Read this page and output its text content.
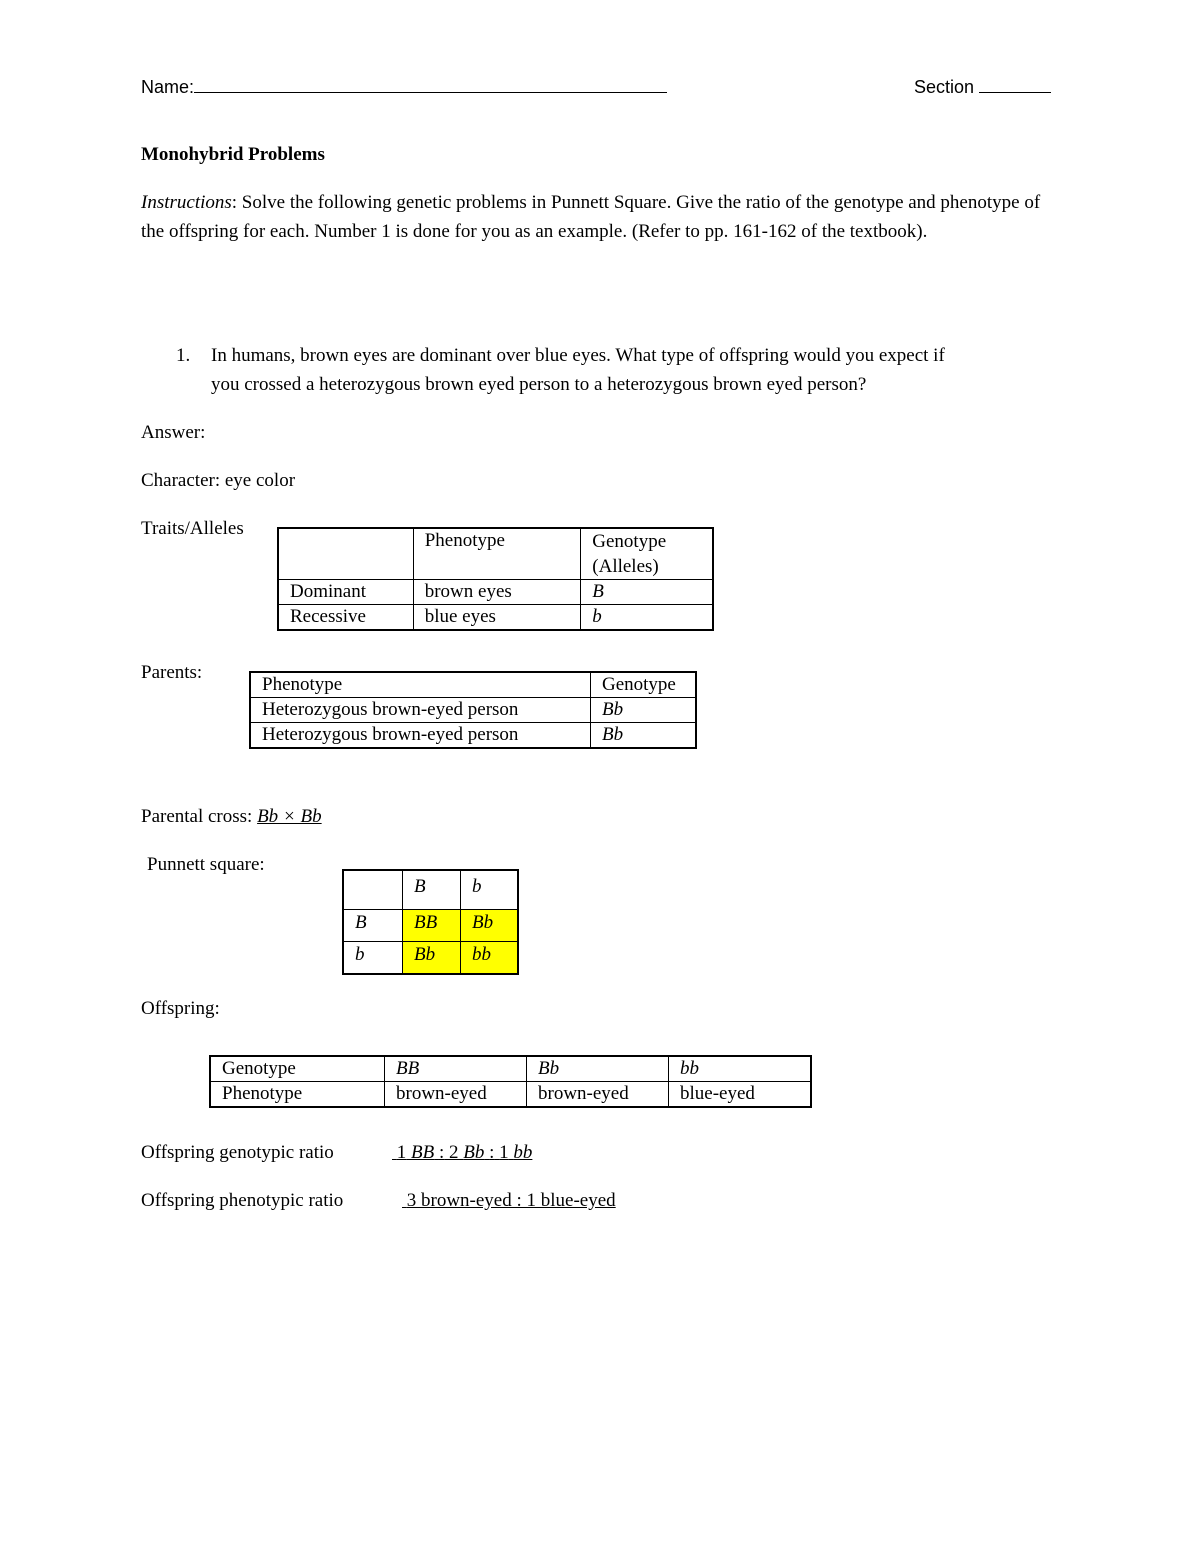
Name:	Section
Monohybrid Problems
Instructions: Solve the following genetic problems in Punnett Square. Give the ratio of the genotype and phenotype of the offspring for each. Number 1 is done for you as an example. (Refer to pp. 161-162 of the textbook).
1. In humans, brown eyes are dominant over blue eyes. What type of offspring would you expect if
you crossed a heterozygous brown eyed person to a heterozygous brown eyed person?
Answer:
Character: eye color
Traits/Alleles
	Phenotype	Genotype
(Alleles)
Dominant	brown eyes	B
Recessive	blue eyes	b
Parents:
Phenotype	Genotype
Heterozygous brown-eyed person	Bb
Heterozygous brown-eyed person	Bb
Parental cross: Bb × Bb
Punnett square:
	B	b
B	BB	Bb
b	Bb	bb
Offspring:
Genotype	BB	Bb	bb
Phenotype	brown-eyed	brown-eyed	blue-eyed
Offspring genotypic ratio	1 BB : 2 Bb : 1 bb
Offspring phenotypic ratio	3 brown-eyed : 1 blue-eyed
